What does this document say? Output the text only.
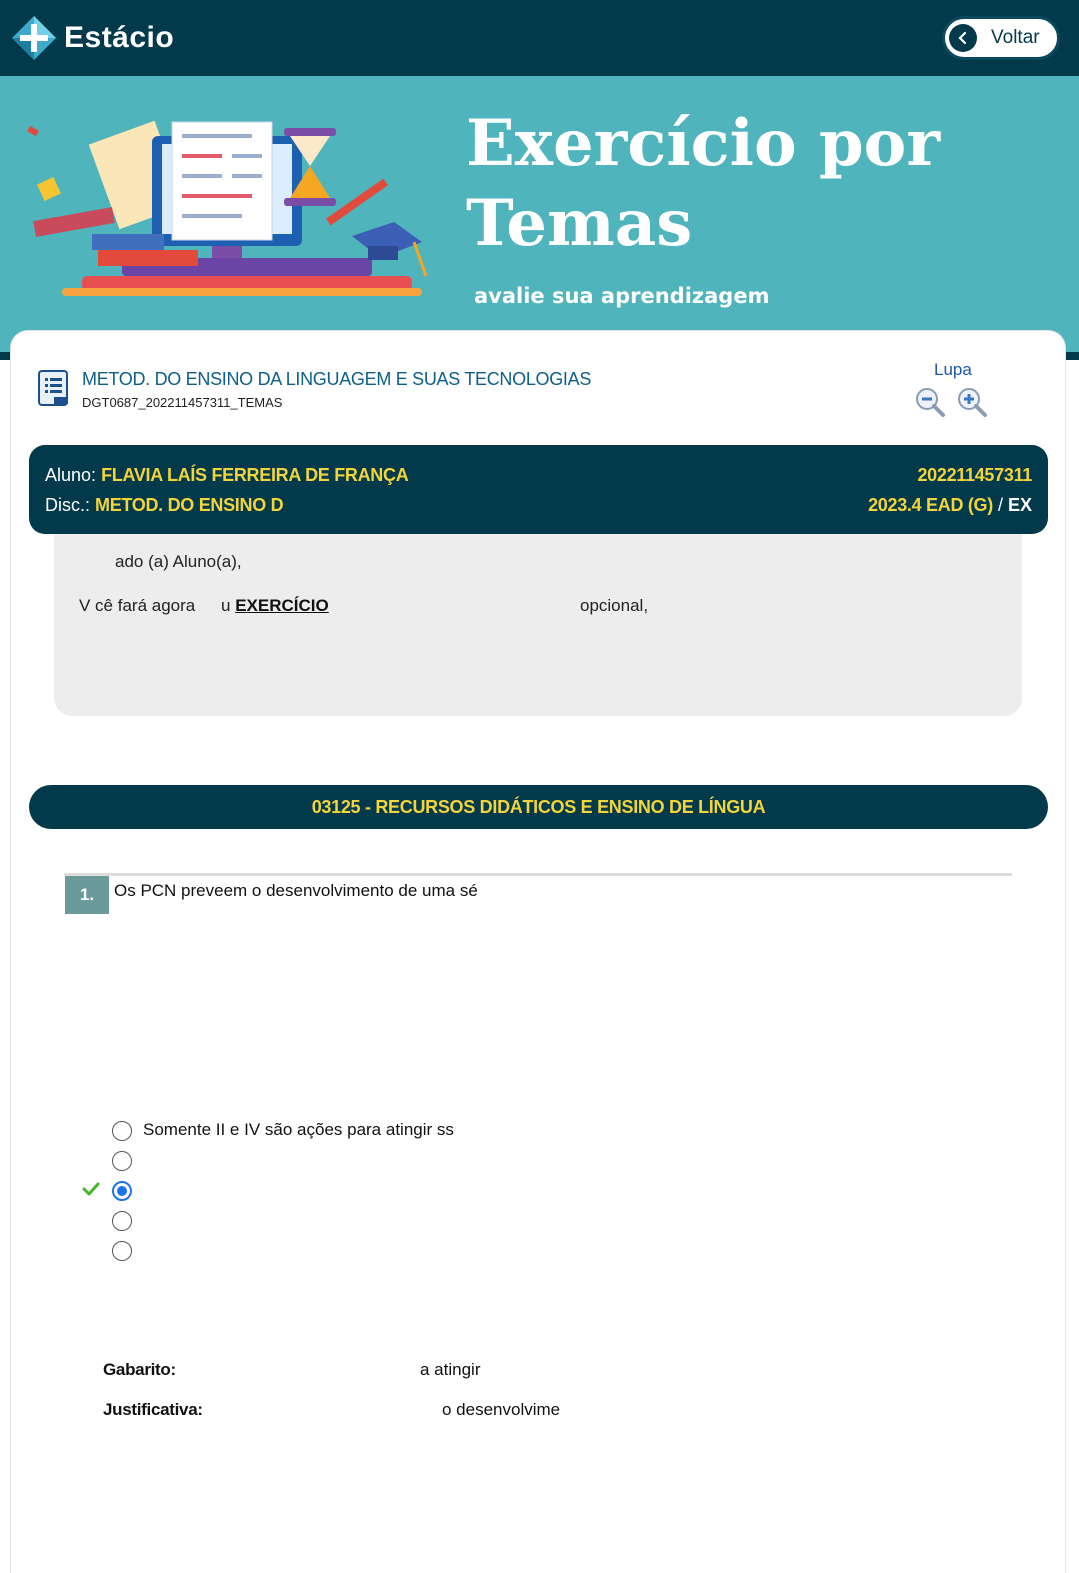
Estácio	Voltar
Exercício por
Temas
avalie sua aprendizagem
METOD. DO ENSINO DA LINGUAGEM E SUAS TECNOLOGIAS
DGT0687_202211457311_TEMAS
Lupa
Aluno: FLAVIA LAÍS FERREIRA DE FRANÇA	202211457311
Disc.: METOD. DO ENSINO D	2023.4 EAD (G) / EX
ado (a) Aluno(a),
V cê fará agora u EXERCÍCIO	opcional,
03125 - RECURSOS DIDÁTICOS E ENSINO DE LÍNGUA
1.	Os PCN preveem o desenvolvimento de uma sé
Somente II e IV são ações para atingir ss
Gabarito:	a atingir
Justificativa:	o desenvolvime
